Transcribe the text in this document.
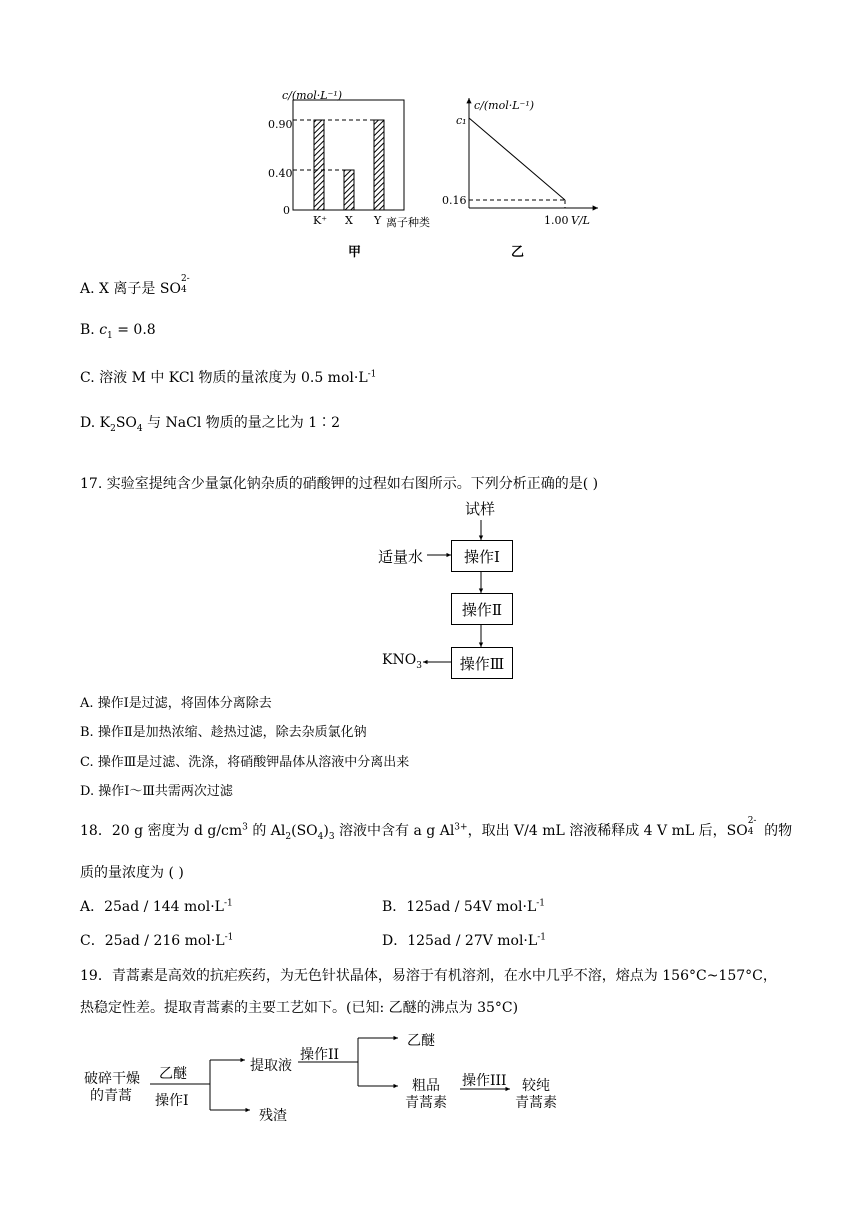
c/(mol·L⁻¹)
0.90
0.40
0
K⁺ X Y 离子种类
甲
c/(mol·L⁻¹)
c₁
0.16
1.00 V/L
乙
A. X 离子是 SO
2-
4
B. $c_1 = 0.8$
C. 溶液 M 中 KCl 物质的量浓度为 0.5 $mol\cdot L^{-1}$
D. $K_2SO_4$ 与 NaCl 物质的量之比为 1∶2
17. 实验室提纯含少量氯化钠杂质的硝酸钾的过程如右图所示。下列分析正确的是( )
试样
操作Ⅰ
操作Ⅱ
操作Ⅲ
适量水
$KNO_3$
A. 操作Ⅰ是过滤，将固体分离除去
B. 操作Ⅱ是加热浓缩、趁热过滤，除去杂质氯化钠
C. 操作Ⅲ是过滤、洗涤，将硝酸钾晶体从溶液中分离出来
D. 操作Ⅰ～Ⅲ共需两次过滤
18．20 g 密度为 d $g/cm^3$ 的 $Al_2(SO_4)_3$ 溶液中含有 a g $Al^{3+}$，取出 V/4 mL 溶液稀释成 4 V mL 后，SO
2-
4 的物
质的量浓度为 ( )
A．25ad / 144 $mol\cdot L^{-1}$	B．125ad / 54V $mol\cdot L^{-1}$
C．25ad / 216 $mol\cdot L^{-1}$	D．125ad / 27V $mol\cdot L^{-1}$
19．青蒿素是高效的抗疟疾药，为无色针状晶体，易溶于有机溶剂，在水中几乎不溶，熔点为 156°C~157°C，
热稳定性差。提取青蒿素的主要工艺如下。(已知: 乙醚的沸点为 35°C)
破碎干燥
的青蒿
乙醚
操作I
提取液
残渣
操作II
乙醚
粗品
青蒿素
操作III 较纯
青蒿素
